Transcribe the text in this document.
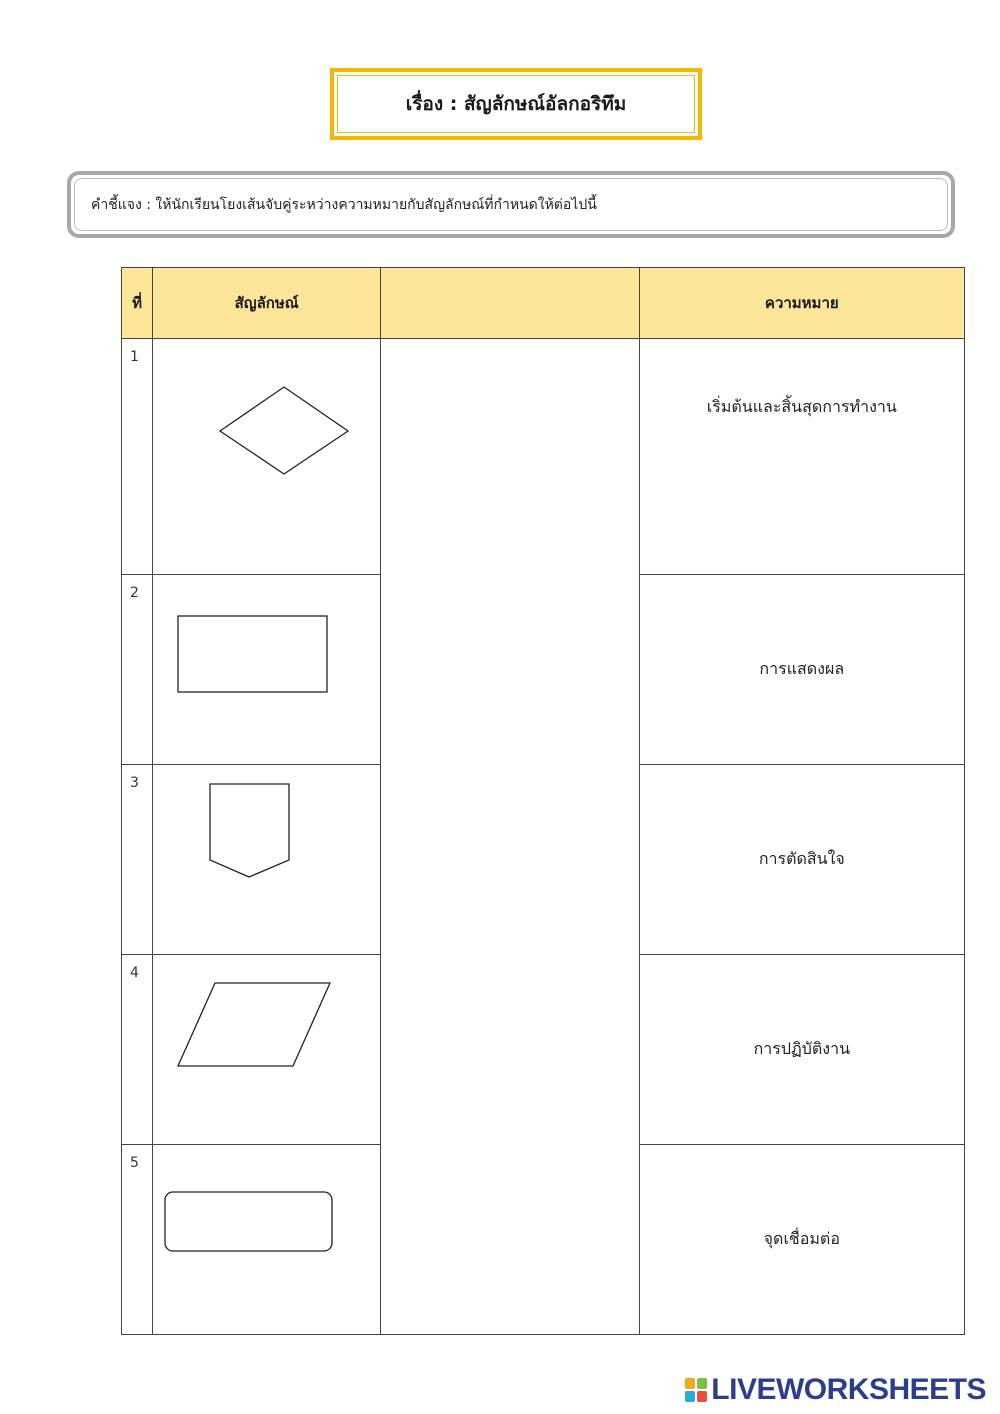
เรื่อง : สัญลักษณ์อัลกอริทึม
คำชี้แจง : ให้นักเรียนโยงเส้นจับคู่ระหว่างความหมายกับสัญลักษณ์ที่กำหนดให้ต่อไปนี้
ที่	สัญลักษณ์		ความหมาย
1			เริ่มต้นและสิ้นสุดการทำงาน
2			การแสดงผล
3			การตัดสินใจ
4			การปฏิบัติงาน
5			จุดเชื่อมต่อ
LIVEWORKSHEETS
